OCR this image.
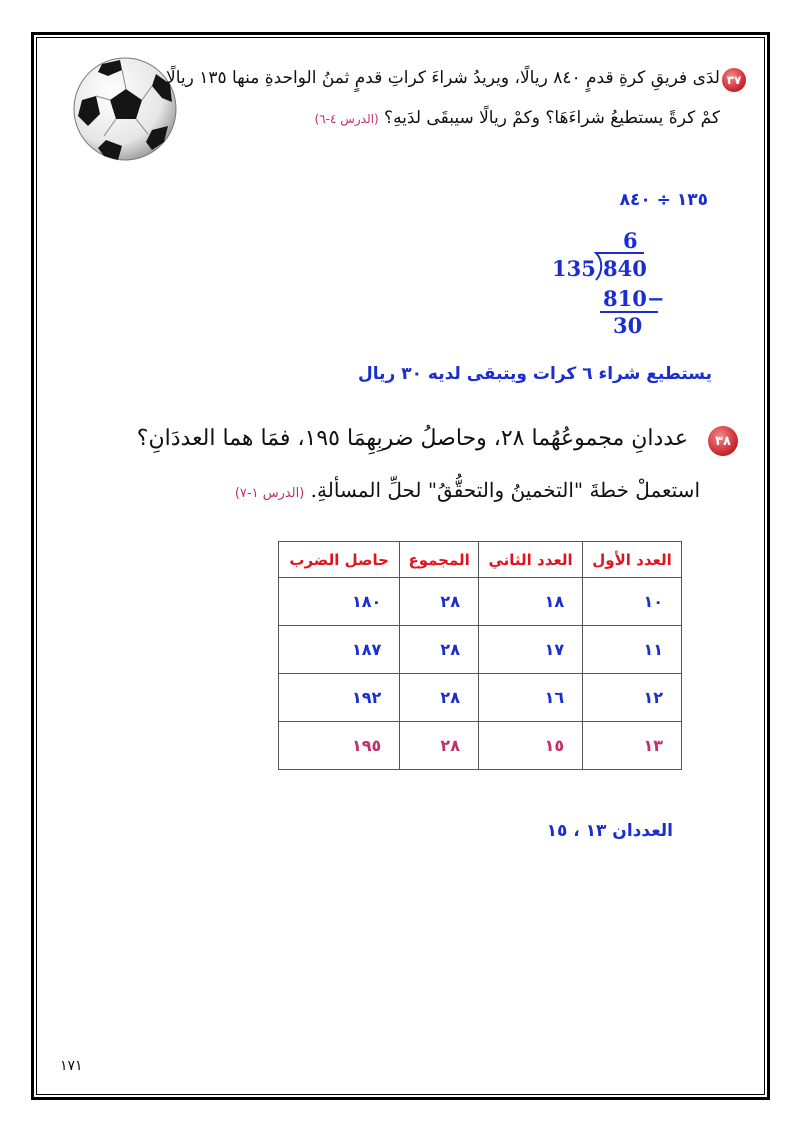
٣٧
لدَى فريقِ كرةِ قدمٍ ٨٤٠ ريالًا، ويريدُ شراءَ كراتِ قدمٍ ثمنُ الواحدةِ منها ١٣٥ ريالًا.
كمْ كرةً يستطيعُ شراءَهَا؟ وكمْ ريالًا سيبقَى لدَيهِ؟ (الدرس ٤-٦)
١٣٥ ÷ ٨٤٠
6
135 840
810−
30
يستطيع شراء ٦ كرات ويتبقى لديه ٣٠ ريال
٣٨
عددانِ مجموعُهُما ٢٨، وحاصلُ ضربِهِمَا ١٩٥، فمَا هما العددَانِ؟
استعملْ خطةَ "التخمينُ والتحقُّقُ" لحلِّ المسألةِ. (الدرس ١-٧)
العدد الأول	العدد الثاني	المجموع	حاصل الضرب
١٠	١٨	٢٨	١٨٠
١١	١٧	٢٨	١٨٧
١٢	١٦	٢٨	١٩٢
١٣	١٥	٢٨	١٩٥
العددان ١٣ ، ١٥
١٧١
